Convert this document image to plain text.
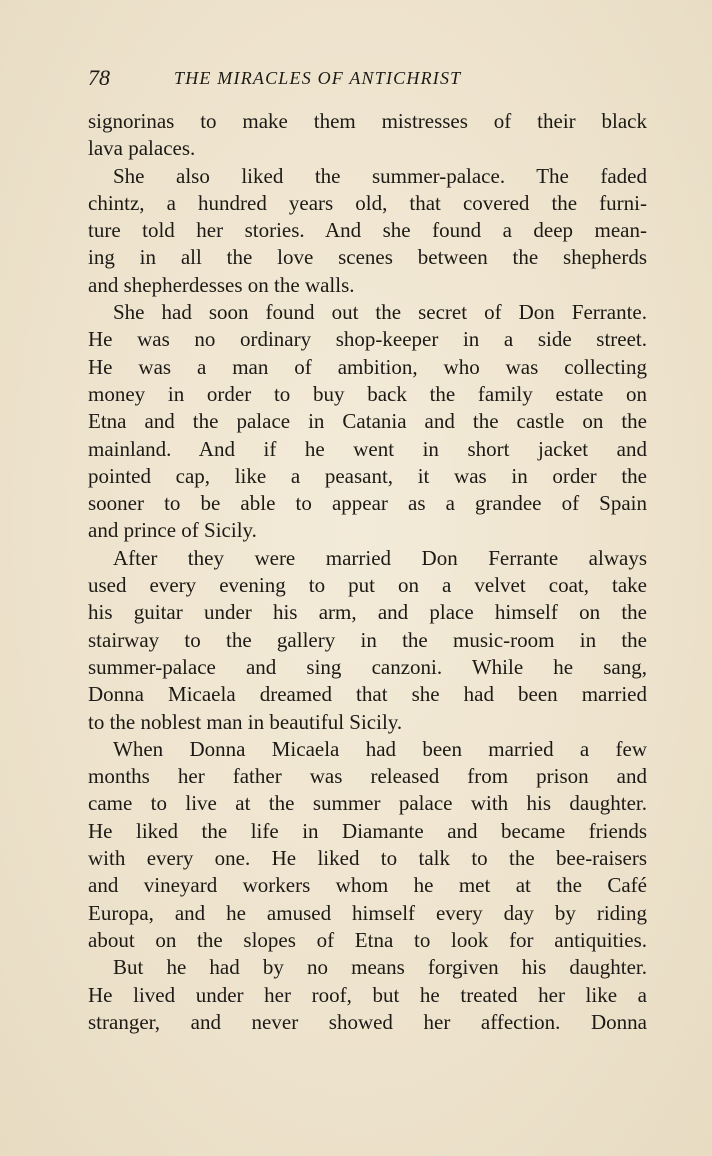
78	THE MIRACLES OF ANTICHRIST
signorinas to make them mistresses of their black
lava palaces.
She also liked the summer-palace. The faded
chintz, a hundred years old, that covered the furni-
ture told her stories. And she found a deep mean-
ing in all the love scenes between the shepherds
and shepherdesses on the walls.
She had soon found out the secret of Don Ferrante.
He was no ordinary shop-keeper in a side street.
He was a man of ambition, who was collecting
money in order to buy back the family estate on
Etna and the palace in Catania and the castle on the
mainland. And if he went in short jacket and
pointed cap, like a peasant, it was in order the
sooner to be able to appear as a grandee of Spain
and prince of Sicily.
After they were married Don Ferrante always
used every evening to put on a velvet coat, take
his guitar under his arm, and place himself on the
stairway to the gallery in the music-room in the
summer-palace and sing canzoni. While he sang,
Donna Micaela dreamed that she had been married
to the noblest man in beautiful Sicily.
When Donna Micaela had been married a few
months her father was released from prison and
came to live at the summer palace with his daughter.
He liked the life in Diamante and became friends
with every one. He liked to talk to the bee-raisers
and vineyard workers whom he met at the Café
Europa, and he amused himself every day by riding
about on the slopes of Etna to look for antiquities.
But he had by no means forgiven his daughter.
He lived under her roof, but he treated her like a
stranger, and never showed her affection. Donna
